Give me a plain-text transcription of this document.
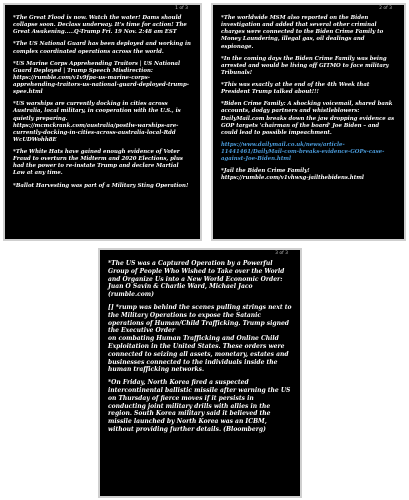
1 of 3

*The Great Flood is now. Watch the water! Dams should collapse soon. Declass underway. It's time for action! The Great Awakening.....Q-Trump Fri. 19 Nov. 2:48 am EST

*The US National Guard has been deployed and working in complex coordinated operations across the world.

*US Marine Corps Apprehending Traitors | US National Guard Deployed | Trump Speech Misdirection: https://rumble.com/v1v9fpa-us-marine-corps-apprehending-traitors-us-national-guard-deployed-trump-spee.html

*US warships are currently docking in cities across Australia, local military, in cooperation with the U.S., is quietly preparing. https://mcmckrank.com/australia/postlw-warships-are-currently-docking-in-cities-across-australia-local-Rdd WcUDWohh8E

*The White Hats have gained enough evidence of Voter Fraud to overturn the Midterm and 2020 Elections, plus had the power to re-instate Trump and declare Martial Law at any time.

*Ballot Harvesting was part of a Military Sting Operation!

2 of 3

*The worldwide MSM also reported on the Biden investigation and added that several other criminal charges were connected to the Biden Crime Family to Money Laundering, illegal gas, oil dealings and espionage.

*In the coming days the Biden Crime Family was being arrested and would be living off GITMO to face military Tribunals!

*This was exactly at the end of the 4th Week that President Trump talked about!!!

*Biden Crime Family: A shocking voicemail, shared bank accounts, dodgy partners and whistleblowers: DailyMail.com breaks down the jaw dropping evidence as GOP targets 'chairman of the board' Joe Biden – and could lead to possible impeachment.

https://www.dailymail.co.uk/news/article-11441461/DailyMail-com-breaks-evidence-GOPs-case-against-Joe-Biden.html

*Jail the Biden Crime Family! https://rumble.com/v1vhwxg-jailthebidens.html

3 of 3

*The US was a Captured Operation by a Powerful Group of People Who Wished to Take over the World and Organize Us into a New World Economic Order: Juan O Savin & Charlie Ward, Michael Jaco (rumble.com)

[] *rump was behind the scenes pulling strings next to the Military Operations to expose the Satanic operations of Human/Child Trafficking. Trump signed the Executive Order
on combating Human Trafficking and Online Child Exploitation in the United States. These orders were connected to seizing all assets, monetary, estates and businesses connected to the individuals inside the human trafficking networks.

*On Friday, North Korea fired a suspected intercontinental ballistic missile after warning the US on Thursday of fierce moves if it persists in conducting joint military drills with allies in the region. South Korea military said it believed the missile launched by North Korea was an ICBM, without providing further details. (Bloomberg)
